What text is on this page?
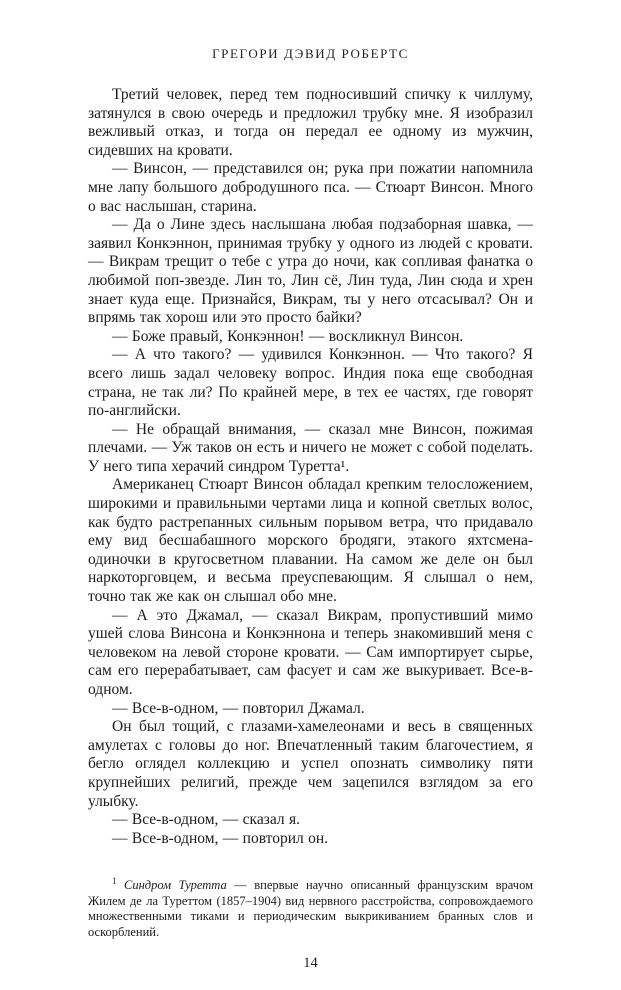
ГРЕГОРИ ДЭВИД РОБЕРТС

Третий человек, перед тем подносивший спичку к чиллуму, затянулся в свою очередь и предложил трубку мне. Я изобразил вежливый отказ, и тогда он передал ее одному из мужчин, сидевших на кровати.

— Винсон, — представился он; рука при пожатии напомнила мне лапу большого добродушного пса. — Стюарт Винсон. Много о вас наслышан, старина.

— Да о Лине здесь наслышана любая подзаборная шавка, — заявил Конкэннон, принимая трубку у одного из людей с кровати. — Викрам трещит о тебе с утра до ночи, как сопливая фанатка о любимой поп-звезде. Лин то, Лин сё, Лин туда, Лин сюда и хрен знает куда еще. Признайся, Викрам, ты у него отсасывал? Он и впрямь так хорош или это просто байки?

— Боже правый, Конкэннон! — воскликнул Винсон.

— А что такого? — удивился Конкэннон. — Что такого? Я всего лишь задал человеку вопрос. Индия пока еще свободная страна, не так ли? По крайней мере, в тех ее частях, где говорят по-английски.

— Не обращай внимания, — сказал мне Винсон, пожимая плечами. — Уж таков он есть и ничего не может с собой поделать. У него типа херачий синдром Туретта¹.

Американец Стюарт Винсон обладал крепким телосложением, широкими и правильными чертами лица и копной светлых волос, как будто растрепанных сильным порывом ветра, что придавало ему вид бесшабашного морского бродяги, этакого яхтсмена-одиночки в кругосветном плавании. На самом же деле он был наркоторговцем, и весьма преуспевающим. Я слышал о нем, точно так же как он слышал обо мне.

— А это Джамал, — сказал Викрам, пропустивший мимо ушей слова Винсона и Конкэннона и теперь знакомивший меня с человеком на левой стороне кровати. — Сам импортирует сырье, сам его перерабатывает, сам фасует и сам же выкуривает. Все-в-одном.

— Все-в-одном, — повторил Джамал.

Он был тощий, с глазами-хамелеонами и весь в священных амулетах с головы до ног. Впечатленный таким благочестием, я бегло оглядел коллекцию и успел опознать символику пяти крупнейших религий, прежде чем зацепился взглядом за его улыбку.

— Все-в-одном, — сказал я.

— Все-в-одном, — повторил он.

$^1$ Синдром Туретта — впервые научно описанный французским врачом Жилем де ла Туреттом (1857–1904) вид нервного расстройства, сопровождаемого множественными тиками и периодическим выкрикиванием бранных слов и оскорблений.

14
